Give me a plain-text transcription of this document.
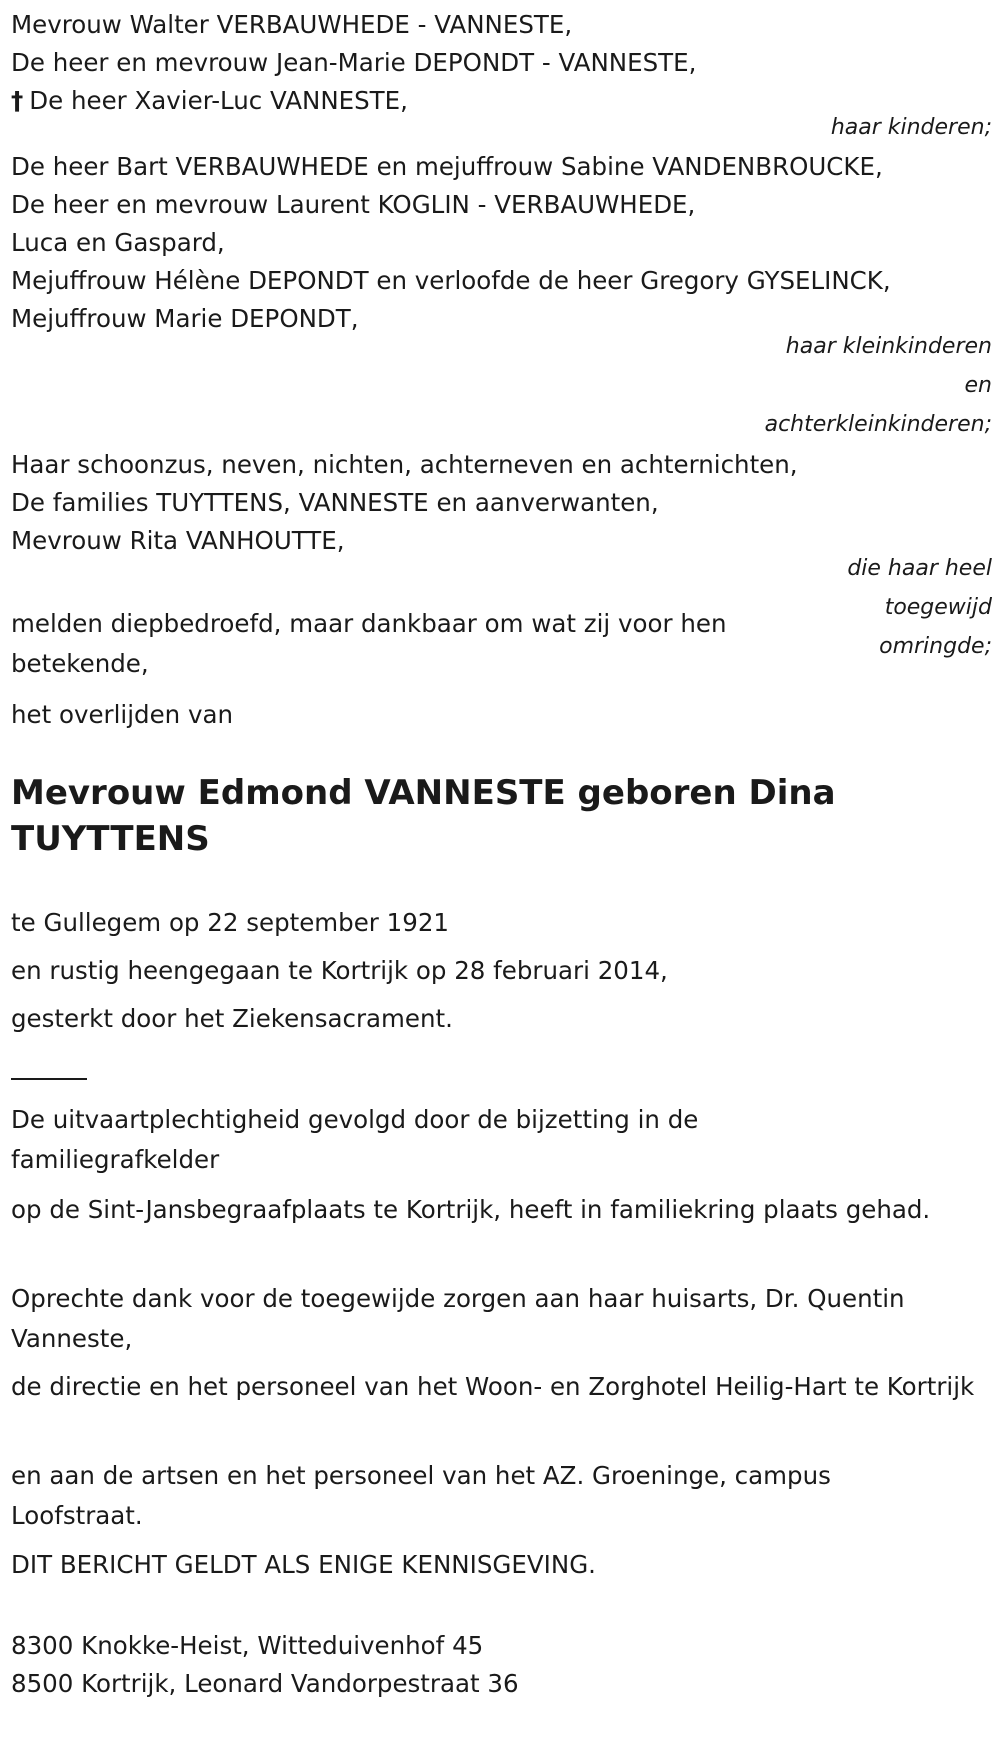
Mevrouw Walter VERBAUWHEDE - VANNESTE,
De heer en mevrouw Jean-Marie DEPONDT - VANNESTE,
† De heer Xavier-Luc VANNESTE,
haar kinderen;
De heer Bart VERBAUWHEDE en mejuffrouw Sabine VANDENBROUCKE,
De heer en mevrouw Laurent KOGLIN - VERBAUWHEDE,
Luca en Gaspard,
Mejuffrouw Hélène DEPONDT en verloofde de heer Gregory GYSELINCK,
Mejuffrouw Marie DEPONDT,
haar kleinkinderen
en
achterkleinkinderen;
Haar schoonzus, neven, nichten, achterneven en achternichten,
De families TUYTTENS, VANNESTE en aanverwanten,
Mevrouw Rita VANHOUTTE,
die haar heel
toegewijd
omringde;
melden diepbedroefd, maar dankbaar om wat zij voor hen betekende,
het overlijden van
Mevrouw Edmond VANNESTE geboren Dina TUYTTENS
te Gullegem op 22 september 1921
en rustig heengegaan te Kortrijk op 28 februari 2014,
gesterkt door het Ziekensacrament.
De uitvaartplechtigheid gevolgd door de bijzetting in de familiegrafkelder
op de Sint-Jansbegraafplaats te Kortrijk, heeft in familiekring plaats gehad.
Oprechte dank voor de toegewijde zorgen aan haar huisarts, Dr. Quentin Vanneste,
de directie en het personeel van het Woon- en Zorghotel Heilig-Hart te Kortrijk
en aan de artsen en het personeel van het AZ. Groeninge, campus Loofstraat.
DIT BERICHT GELDT ALS ENIGE KENNISGEVING.
8300 Knokke-Heist, Witteduivenhof 45
8500 Kortrijk, Leonard Vandorpestraat 36
